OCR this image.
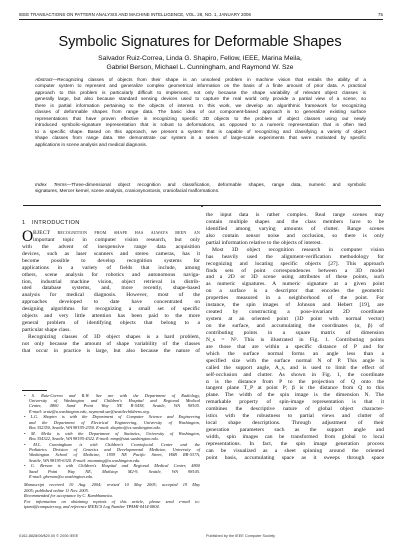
IEEE TRANSACTIONS ON PATTERN ANALYSIS AND MACHINE INTELLIGENCE, VOL. 28, NO. 1, JANUARY 2006	75
Symbolic Signatures for Deformable Shapes
Salvador Ruiz-Correa, Linda G. Shapiro, Fellow, IEEE, Marina Meila,
Gabriel Berson, Michael L. Cunningham, and Raymond W. Sze
Abstract—Recognizing classes of objects from their shape is an unsolved problem in machine vision that entails the ability of a
computer system to represent and generalize complex geometrical information on the basis of a finite amount of prior data. A practical
approach to this problem is particularly difficult to implement, not only because the shape variability of relevant object classes is
generally large, but also because standard sensing devices used to capture the real world only provide a partial view of a scene, so
there is partial information pertaining to the objects of interest. In this work, we develop an algorithmic framework for recognizing
classes of deformable shapes from range data. The basic idea of our component-based approach is to generalize existing surface
representations that have proven effective in recognizing specific 3D objects to the problem of object classes using our newly
introduced symbolic-signature representation that is robust to deformations, as opposed to a numeric representation that is often tied
to a specific shape. Based on this approach, we present a system that is capable of recognizing and classifying a variety of object
shape classes from range data. We demonstrate our system in a series of large-scale experiments that were motivated by specific
applications in scene analysis and medical diagnosis.
Index Terms—Three-dimensional object recognition and classification, deformable shapes, range data, numeric and symbolic
signatures, Mercer kernel, scene analysis, craniosynostosis, craniofacial malformations.
1 INTRODUCTION
O BJECT recognition from shape has always been an
important topic in computer vision research, but only
with the advent of inexpensive range data acquisition
devices, such as laser scanners and stereo cameras, has it
become possible to develop recognition systems for
applications in a variety of fields that include, among
others, scene analysis for robotics and autonomous naviga-
tion, industrial machine vision, object retrieval in distrib-
uted database systems, and, more recently, shape-based
analysis for medical diagnosis. However, most of the
approaches developed to date have concentrated on
designing algorithms for recognizing a small set of specific
objects and very little attention has been paid to the more
general problem of identifying objects that belong to a
particular shape class.
Recognizing classes of 3D object shapes is a hard problem,
not only because the amount of shape variability of the classes
that occur in practice is large, but also because the nature of
• S. Ruiz-Correa and R.W. Sze are with the Department of Radiology,
University of Washington and Children's Hospital and Regional Medical
Center, 4800 Sand Point Way NE R-5438, Seattle, WA 98105.
E-mail: sruiz@u.washington.edu, raymond.sze@seattlechildrens.org.
• L.G. Shapiro is with the Department of Computer Science and Engineering
and the Department of Electrical Engineering, University of Washington,
Box 352350, Seattle, WA 98195-2350. E-mail: shapiro@cs.washington.edu.
• M. Meila is with the Department of Statistics, University of Washington,
Box 354322, Seattle, WA 98195-4322. E-mail: mmp@stat.washington.edu.
• M.L. Cunningham is with Children's Craniofacial Center and the
Pediatrics Division of Genetics and Developmental Medicine, University of
Washington School of Medicine, 1959 NE Pacific Street, HSB RR-537A,
Seattle, WA 98195-6320. E-mail: mcunning@u.washington.edu.
• G. Berson is with Children's Hospital and Regional Medical Center, 4800
Sand Point Way NE, Mailstop M2-9, Seattle, WA 98105.
E-mail: gberson@u.washington.edu.
Manuscript received 10 Aug. 2004; revised 10 May 2005; accepted 19 May
2005; published online 11 Nov. 2005.
Recommended for acceptance by C. Kambhamettu.
For information on obtaining reprints of this article, please send e-mail to:
tpami@computer.org, and reference IEEECS Log Number TPAMI-0414-0804.
the input data is rather complex. Real range scenes may
contain multiple shapes and the class members have to be
identified among varying amounts of clutter. Range scenes
also contain sensor noise and occlusion, so there is only
partial information relative to the objects of interest.
Most 3D object recognition research in computer vision
has heavily used the alignment-verification methodology for
recognizing and locating specific objects [27]. This approach
finds sets of point correspondences between a 3D model
and a 2D or 3D scene using attributes of these points, such
as numeric signatures. A numeric signature at a given point
on a surface is a descriptor that encodes the geometric
properties measured in a neighborhood of the point. For
instance, the spin images of Johnson and Hebert [19], are
created by constructing a pose-invariant 2D coordinate
system at an oriented point (3D point with normal vector)
on the surface, and accumulating the coordinates (α, β) of
contributing points in a square matrix of dimension
N_s = N². This is illustrated in Fig. 1. Contributing points
are those that are within a specific distance of P and for
which the surface normal forms an angle less than a
specified size with the surface normal N of P. This angle is
called the support angle, A_s, and is used to limit the effect of
self-occlusion and clutter. As shown in Fig. 1, the coordinate
α is the distance from P to the projection of Q onto the
tangent plane T_P at point P; β is the distance from Q to this
plane. The width of the spin image is the dimension N. The
remarkable property of spin-image representation is that it
combines the descriptive nature of global object character-
istics with the robustness to partial views and clutter of
local shape descriptions. Through adjustment of their
generation parameters such as the support angle and
width, spin images can be transformed from global to local
representations. In fact, the spin image generation process
can be visualized as a sheet spinning around the oriented
point basis, accumulating space as it sweeps through space
0162-8828/06/$20.00 © 2006 IEEE	Published by the IEEE Computer Society
